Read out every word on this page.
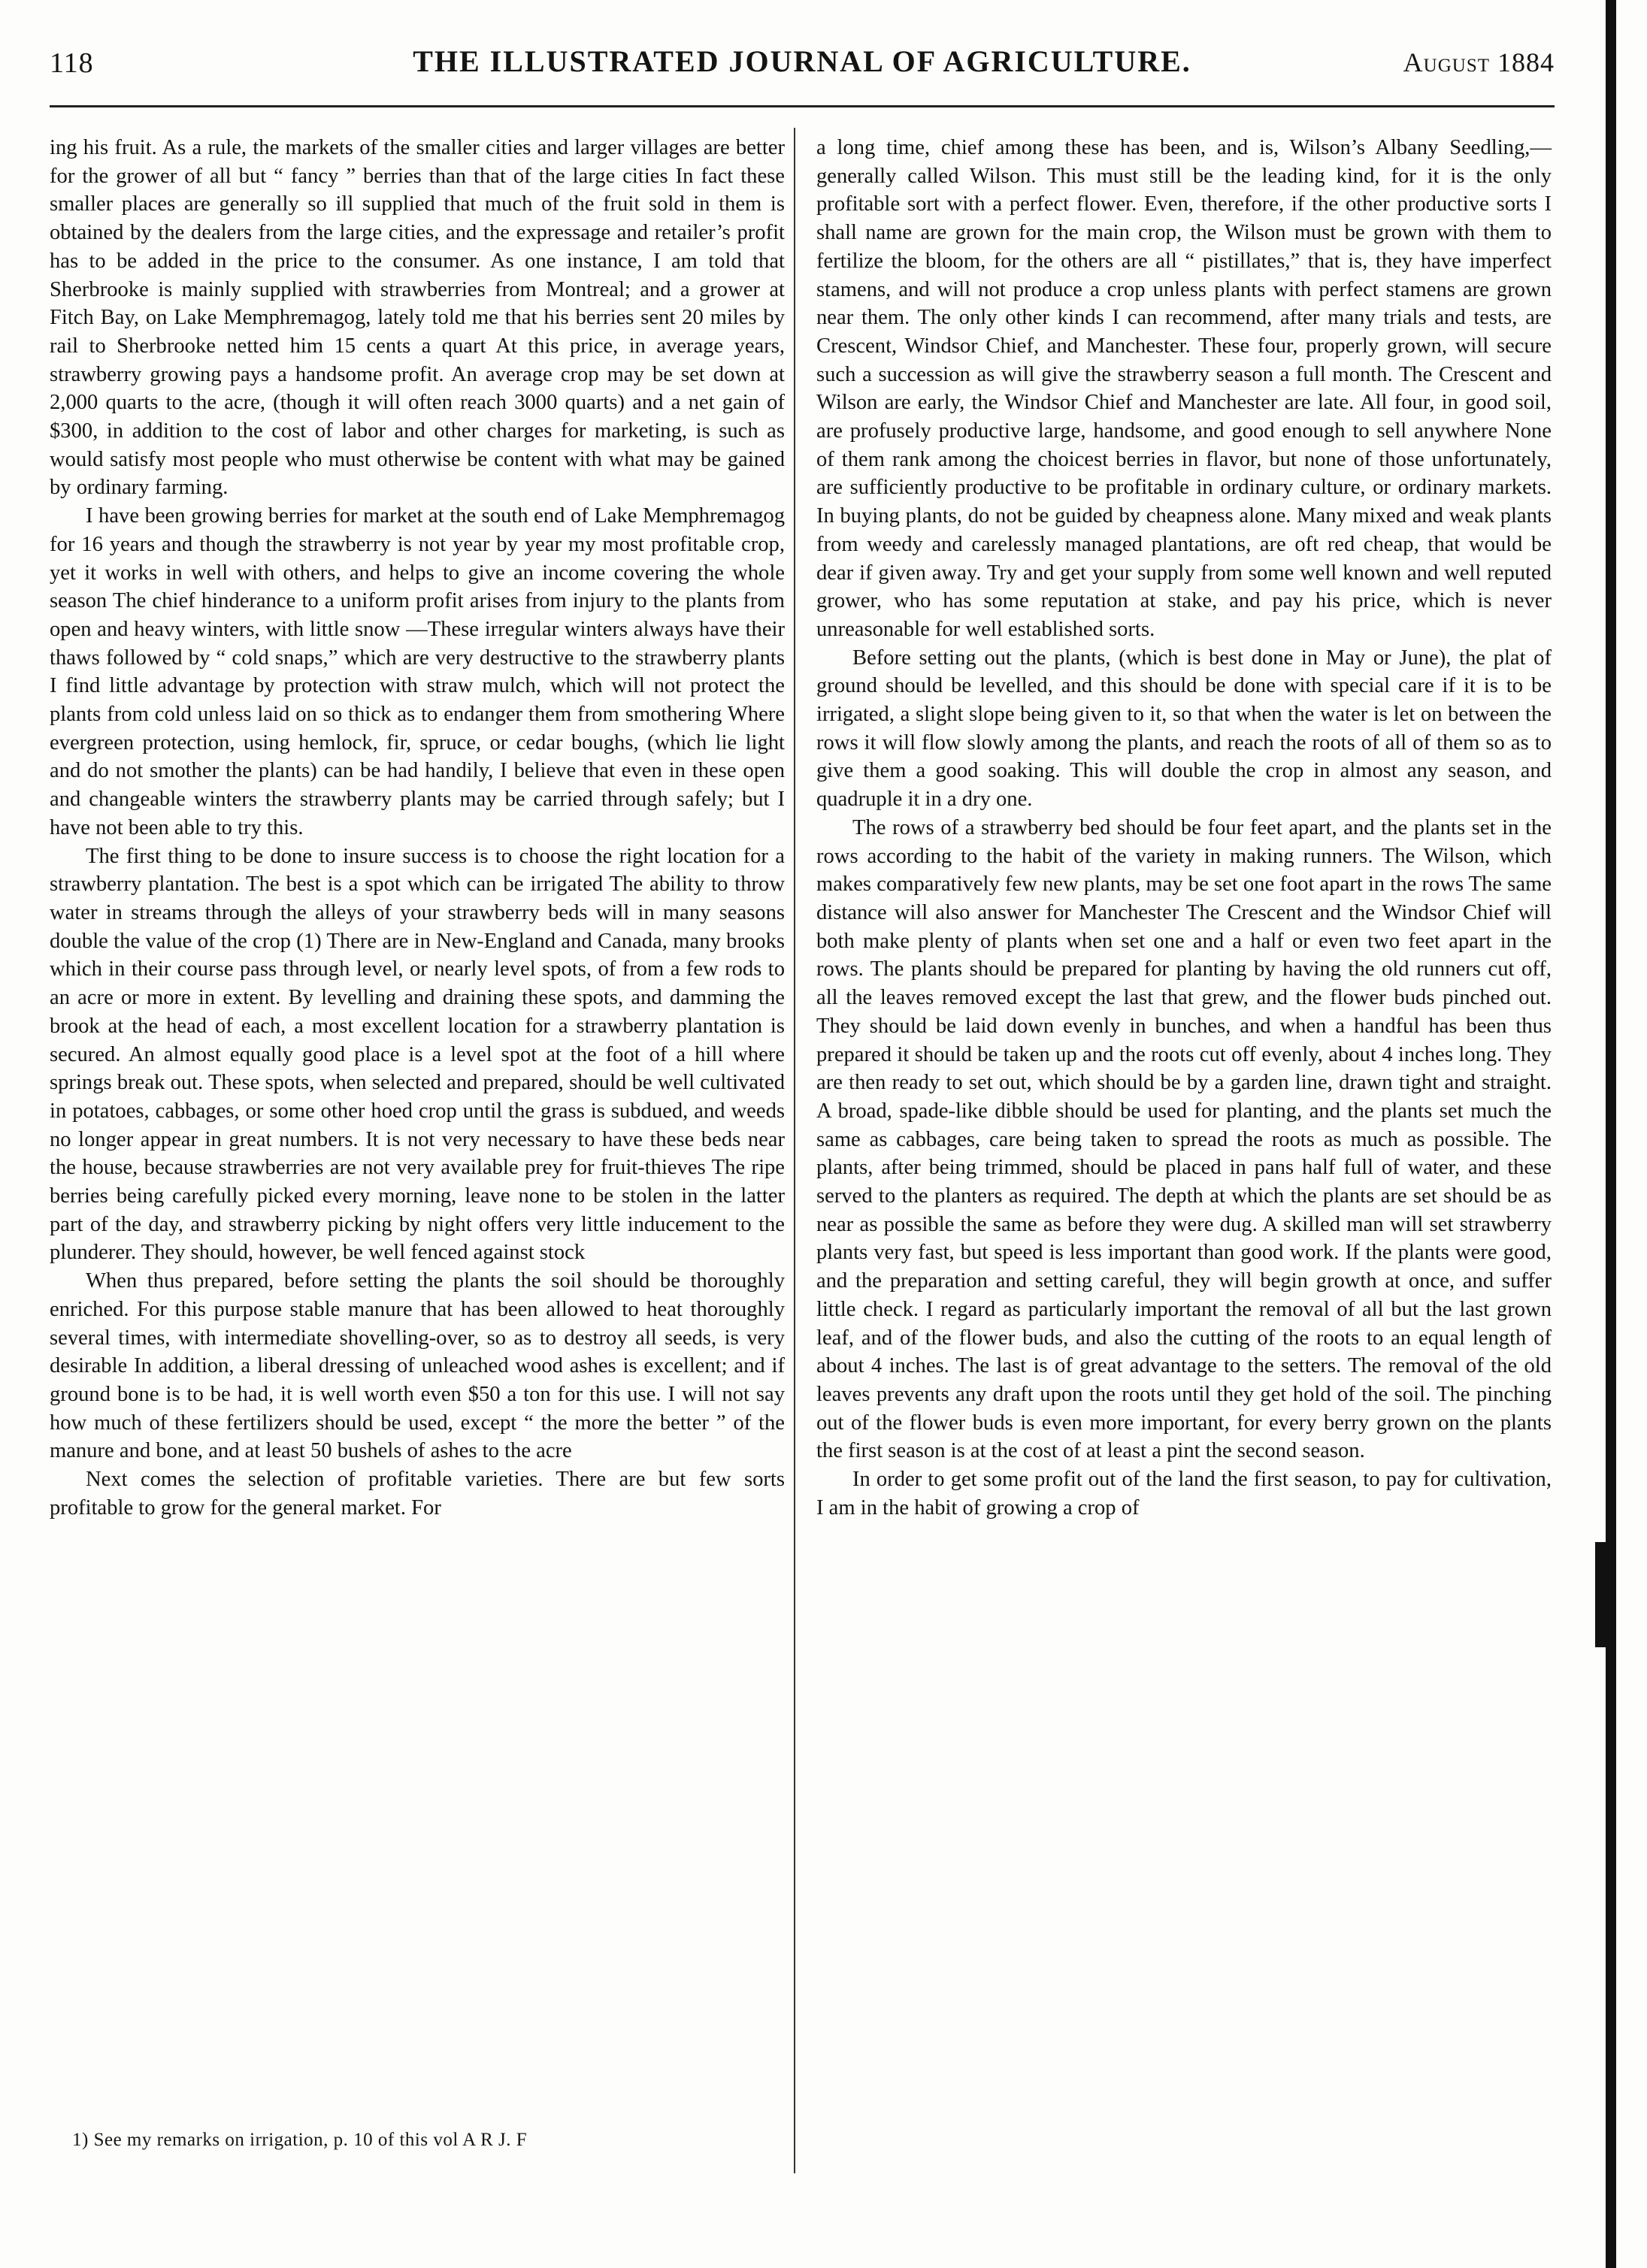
118	THE ILLUSTRATED JOURNAL OF AGRICULTURE.	August 1884

ing his fruit. As a rule, the markets of the smaller cities and larger villages are better for the grower of all but “ fancy ” berries than that of the large cities In fact these smaller places are generally so ill supplied that much of the fruit sold in them is obtained by the dealers from the large cities, and the expressage and retailer’s profit has to be added in the price to the consumer. As one instance, I am told that Sherbrooke is mainly supplied with strawberries from Montreal; and a grower at Fitch Bay, on Lake Memphremagog, lately told me that his berries sent 20 miles by rail to Sherbrooke netted him 15 cents a quart At this price, in average years, strawberry growing pays a handsome profit. An average crop may be set down at 2,000 quarts to the acre, (though it will often reach 3000 quarts) and a net gain of $300, in addition to the cost of labor and other charges for marketing, is such as would satisfy most people who must otherwise be content with what may be gained by ordinary farming.

I have been growing berries for market at the south end of Lake Memphremagog for 16 years and though the strawberry is not year by year my most profitable crop, yet it works in well with others, and helps to give an income covering the whole season The chief hinderance to a uniform profit arises from injury to the plants from open and heavy winters, with little snow —These irregular winters always have their thaws followed by “ cold snaps,” which are very destructive to the strawberry plants I find little advantage by protection with straw mulch, which will not protect the plants from cold unless laid on so thick as to endanger them from smothering Where evergreen protection, using hemlock, fir, spruce, or cedar boughs, (which lie light and do not smother the plants) can be had handily, I believe that even in these open and changeable winters the strawberry plants may be carried through safely; but I have not been able to try this.

The first thing to be done to insure success is to choose the right location for a strawberry plantation. The best is a spot which can be irrigated The ability to throw water in streams through the alleys of your strawberry beds will in many seasons double the value of the crop (1) There are in New-England and Canada, many brooks which in their course pass through level, or nearly level spots, of from a few rods to an acre or more in extent. By levelling and draining these spots, and damming the brook at the head of each, a most excellent location for a strawberry plantation is secured. An almost equally good place is a level spot at the foot of a hill where springs break out. These spots, when selected and prepared, should be well cultivated in potatoes, cabbages, or some other hoed crop until the grass is subdued, and weeds no longer appear in great numbers. It is not very necessary to have these beds near the house, because strawberries are not very available prey for fruit-thieves The ripe berries being carefully picked every morning, leave none to be stolen in the latter part of the day, and strawberry picking by night offers very little inducement to the plunderer. They should, however, be well fenced against stock

When thus prepared, before setting the plants the soil should be thoroughly enriched. For this purpose stable manure that has been allowed to heat thoroughly several times, with intermediate shovelling-over, so as to destroy all seeds, is very desirable In addition, a liberal dressing of unleached wood ashes is excellent; and if ground bone is to be had, it is well worth even $50 a ton for this use. I will not say how much of these fertilizers should be used, except “ the more the better ” of the manure and bone, and at least 50 bushels of ashes to the acre

Next comes the selection of profitable varieties. There are but few sorts profitable to grow for the general market. For

a long time, chief among these has been, and is, Wilson’s Albany Seedling,—generally called Wilson. This must still be the leading kind, for it is the only profitable sort with a perfect flower. Even, therefore, if the other productive sorts I shall name are grown for the main crop, the Wilson must be grown with them to fertilize the bloom, for the others are all “ pistillates,” that is, they have imperfect stamens, and will not produce a crop unless plants with perfect stamens are grown near them. The only other kinds I can recommend, after many trials and tests, are Crescent, Windsor Chief, and Manchester. These four, properly grown, will secure such a succession as will give the strawberry season a full month. The Crescent and Wilson are early, the Windsor Chief and Manchester are late. All four, in good soil, are profusely productive large, handsome, and good enough to sell anywhere None of them rank among the choicest berries in flavor, but none of those unfortunately, are sufficiently productive to be profitable in ordinary culture, or ordinary markets. In buying plants, do not be guided by cheapness alone. Many mixed and weak plants from weedy and carelessly managed plantations, are oft red cheap, that would be dear if given away. Try and get your supply from some well known and well reputed grower, who has some reputation at stake, and pay his price, which is never unreasonable for well established sorts.

Before setting out the plants, (which is best done in May or June), the plat of ground should be levelled, and this should be done with special care if it is to be irrigated, a slight slope being given to it, so that when the water is let on between the rows it will flow slowly among the plants, and reach the roots of all of them so as to give them a good soaking. This will double the crop in almost any season, and quadruple it in a dry one.

The rows of a strawberry bed should be four feet apart, and the plants set in the rows according to the habit of the variety in making runners. The Wilson, which makes comparatively few new plants, may be set one foot apart in the rows The same distance will also answer for Manchester The Crescent and the Windsor Chief will both make plenty of plants when set one and a half or even two feet apart in the rows. The plants should be prepared for planting by having the old runners cut off, all the leaves removed except the last that grew, and the flower buds pinched out. They should be laid down evenly in bunches, and when a handful has been thus prepared it should be taken up and the roots cut off evenly, about 4 inches long. They are then ready to set out, which should be by a garden line, drawn tight and straight. A broad, spade-like dibble should be used for planting, and the plants set much the same as cabbages, care being taken to spread the roots as much as possible. The plants, after being trimmed, should be placed in pans half full of water, and these served to the planters as required. The depth at which the plants are set should be as near as possible the same as before they were dug. A skilled man will set strawberry plants very fast, but speed is less important than good work. If the plants were good, and the preparation and setting careful, they will begin growth at once, and suffer little check. I regard as particularly important the removal of all but the last grown leaf, and of the flower buds, and also the cutting of the roots to an equal length of about 4 inches. The last is of great advantage to the setters. The removal of the old leaves prevents any draft upon the roots until they get hold of the soil. The pinching out of the flower buds is even more important, for every berry grown on the plants the first season is at the cost of at least a pint the second season.

In order to get some profit out of the land the first season, to pay for cultivation, I am in the habit of growing a crop of

1) See my remarks on irrigation, p. 10 of this vol A R J. F
